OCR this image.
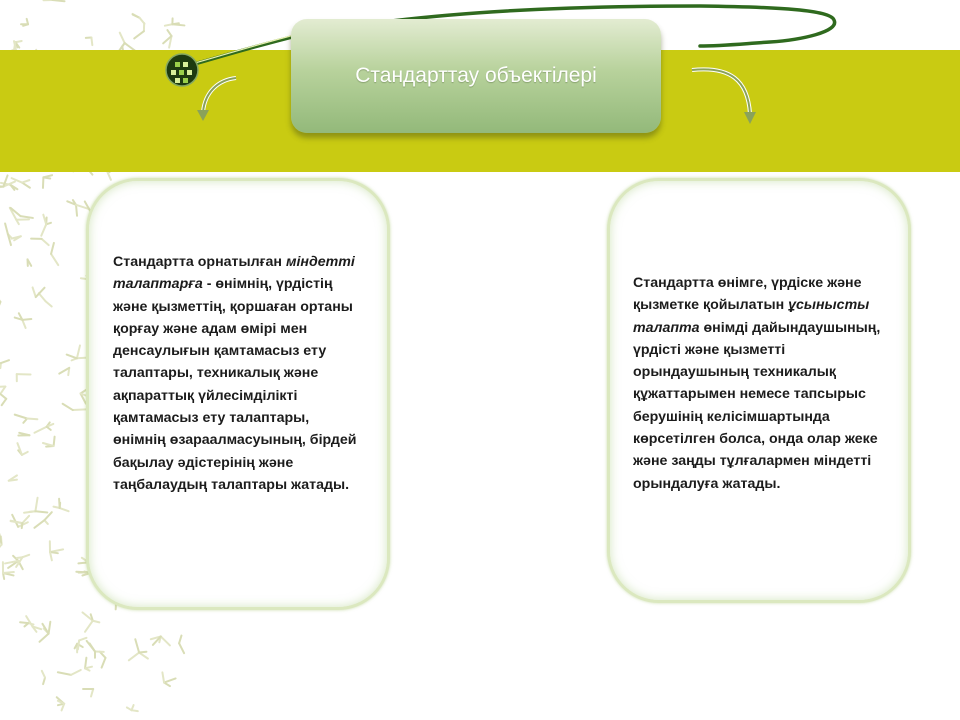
Стандарттау объектілері
Стандартта орнатылған міндетті талаптарға - өнімнің, үрдістің және қызметтің, қоршаған ортаны қорғау және адам өмірі мен денсаулығын қамтамасыз ету талаптары, техникалық және ақпараттық үйлесімділікті қамтамасыз ету талаптары, өнімнің өзараалмасуының, бірдей бақылау әдістерінің және таңбалаудың талаптары жатады.
Стандартта өнімге, үрдіске және қызметке қойылатын ұсынысты талапта өнімді дайындаушының, үрдісті және қызметті орындаушының техникалық құжаттарымен немесе тапсырыс берушінің келісімшартында көрсетілген болса, онда олар жеке және заңды тұлғалармен міндетті орындалуға жатады.
